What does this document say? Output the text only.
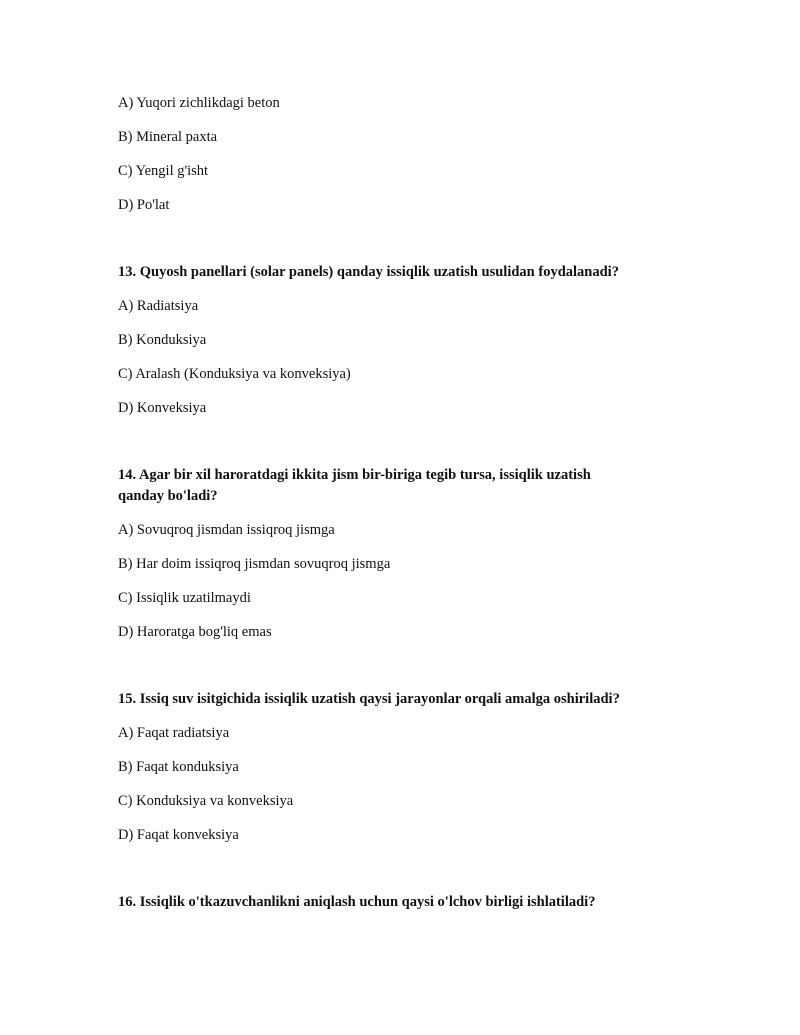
A) Yuqori zichlikdagi beton
B) Mineral paxta
C) Yengil g'isht
D) Po'lat
13. Quyosh panellari (solar panels) qanday issiqlik uzatish usulidan foydalanadi?
A) Radiatsiya
B) Konduksiya
C) Aralash (Konduksiya va konveksiya)
D) Konveksiya
14. Agar bir xil haroratdagi ikkita jism bir-biriga tegib tursa, issiqlik uzatish
qanday bo'ladi?
A) Sovuqroq jismdan issiqroq jismga
B) Har doim issiqroq jismdan sovuqroq jismga
C) Issiqlik uzatilmaydi
D) Haroratga bog'liq emas
15. Issiq suv isitgichida issiqlik uzatish qaysi jarayonlar orqali amalga oshiriladi?
A) Faqat radiatsiya
B) Faqat konduksiya
C) Konduksiya va konveksiya
D) Faqat konveksiya
16. Issiqlik o'tkazuvchanlikni aniqlash uchun qaysi o'lchov birligi ishlatiladi?
